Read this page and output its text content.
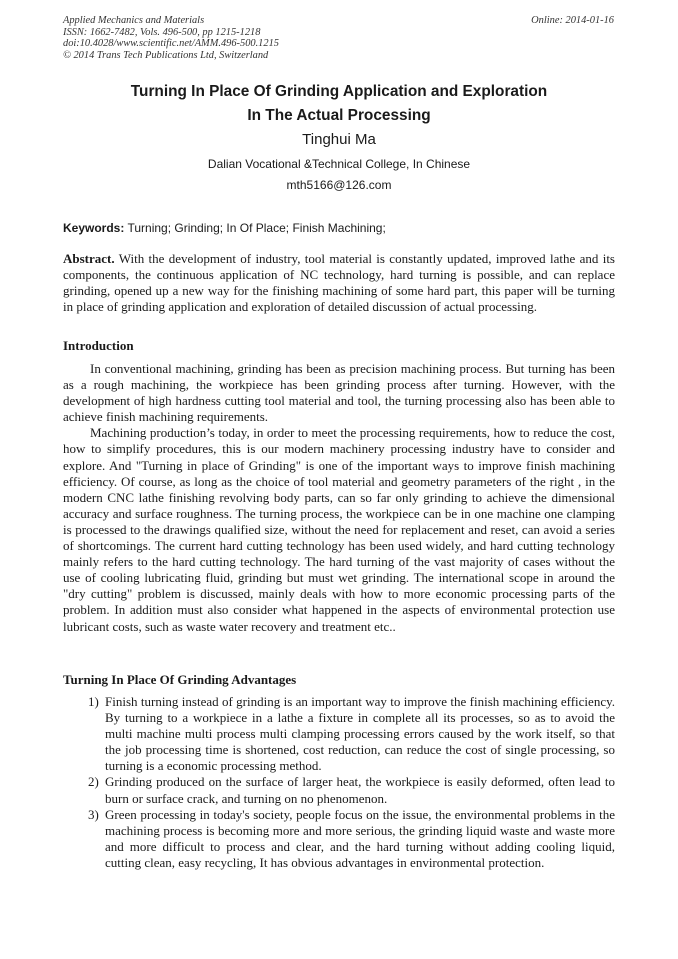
Applied Mechanics and Materials
ISSN: 1662-7482, Vols. 496-500, pp 1215-1218
doi:10.4028/www.scientific.net/AMM.496-500.1215
© 2014 Trans Tech Publications Ltd, Switzerland
Online: 2014-01-16
Turning In Place Of Grinding Application and Exploration
In The Actual Processing
Tinghui Ma
Dalian Vocational &Technical College, In Chinese
mth5166@126.com
Keywords: Turning; Grinding; In Of Place; Finish Machining;

Abstract. With the development of industry, tool material is constantly updated, improved lathe and its components, the continuous application of NC technology, hard turning is possible, and can replace grinding, opened up a new way for the finishing machining of some hard part, this paper will be turning in place of grinding application and exploration of detailed discussion of actual processing.

Introduction

In conventional machining, grinding has been as precision machining process. But turning has been as a rough machining, the workpiece has been grinding process after turning. However, with the development of high hardness cutting tool material and tool, the turning processing also has been able to achieve finish machining requirements.

Machining production’s today, in order to meet the processing requirements, how to reduce the cost, how to simplify procedures, this is our modern machinery processing industry have to consider and explore. And "Turning in place of Grinding" is one of the important ways to improve finish machining efficiency. Of course, as long as the choice of tool material and geometry parameters of the right , in the modern CNC lathe finishing revolving body parts, can so far only grinding to achieve the dimensional accuracy and surface roughness. The turning process, the workpiece can be in one machine one clamping is processed to the drawings qualified size, without the need for replacement and reset, can avoid a series of shortcomings. The current hard cutting technology has been used widely, and hard cutting technology mainly refers to the hard cutting technology. The hard turning of the vast majority of cases without the use of cooling lubricating fluid, grinding but must wet grinding. The international scope in around the "dry cutting" problem is discussed, mainly deals with how to more economic processing parts of the problem. In addition must also consider what happened in the aspects of environmental protection use lubricant costs, such as waste water recovery and treatment etc..

Turning In Place Of Grinding Advantages
1) Finish turning instead of grinding is an important way to improve the finish machining efficiency. By turning to a workpiece in a lathe a fixture in complete all its processes, so as to avoid the multi machine multi process multi clamping processing errors caused by the work itself, so that the job processing time is shortened, cost reduction, can reduce the cost of single processing, so turning is a economic processing method.
2) Grinding produced on the surface of larger heat, the workpiece is easily deformed, often lead to burn or surface crack, and turning on no phenomenon.
3) Green processing in today's society, people focus on the issue, the environmental problems in the machining process is becoming more and more serious, the grinding liquid waste and waste more and more difficult to process and clear, and the hard turning without adding cooling liquid, cutting clean, easy recycling, It has obvious advantages in environmental protection.
